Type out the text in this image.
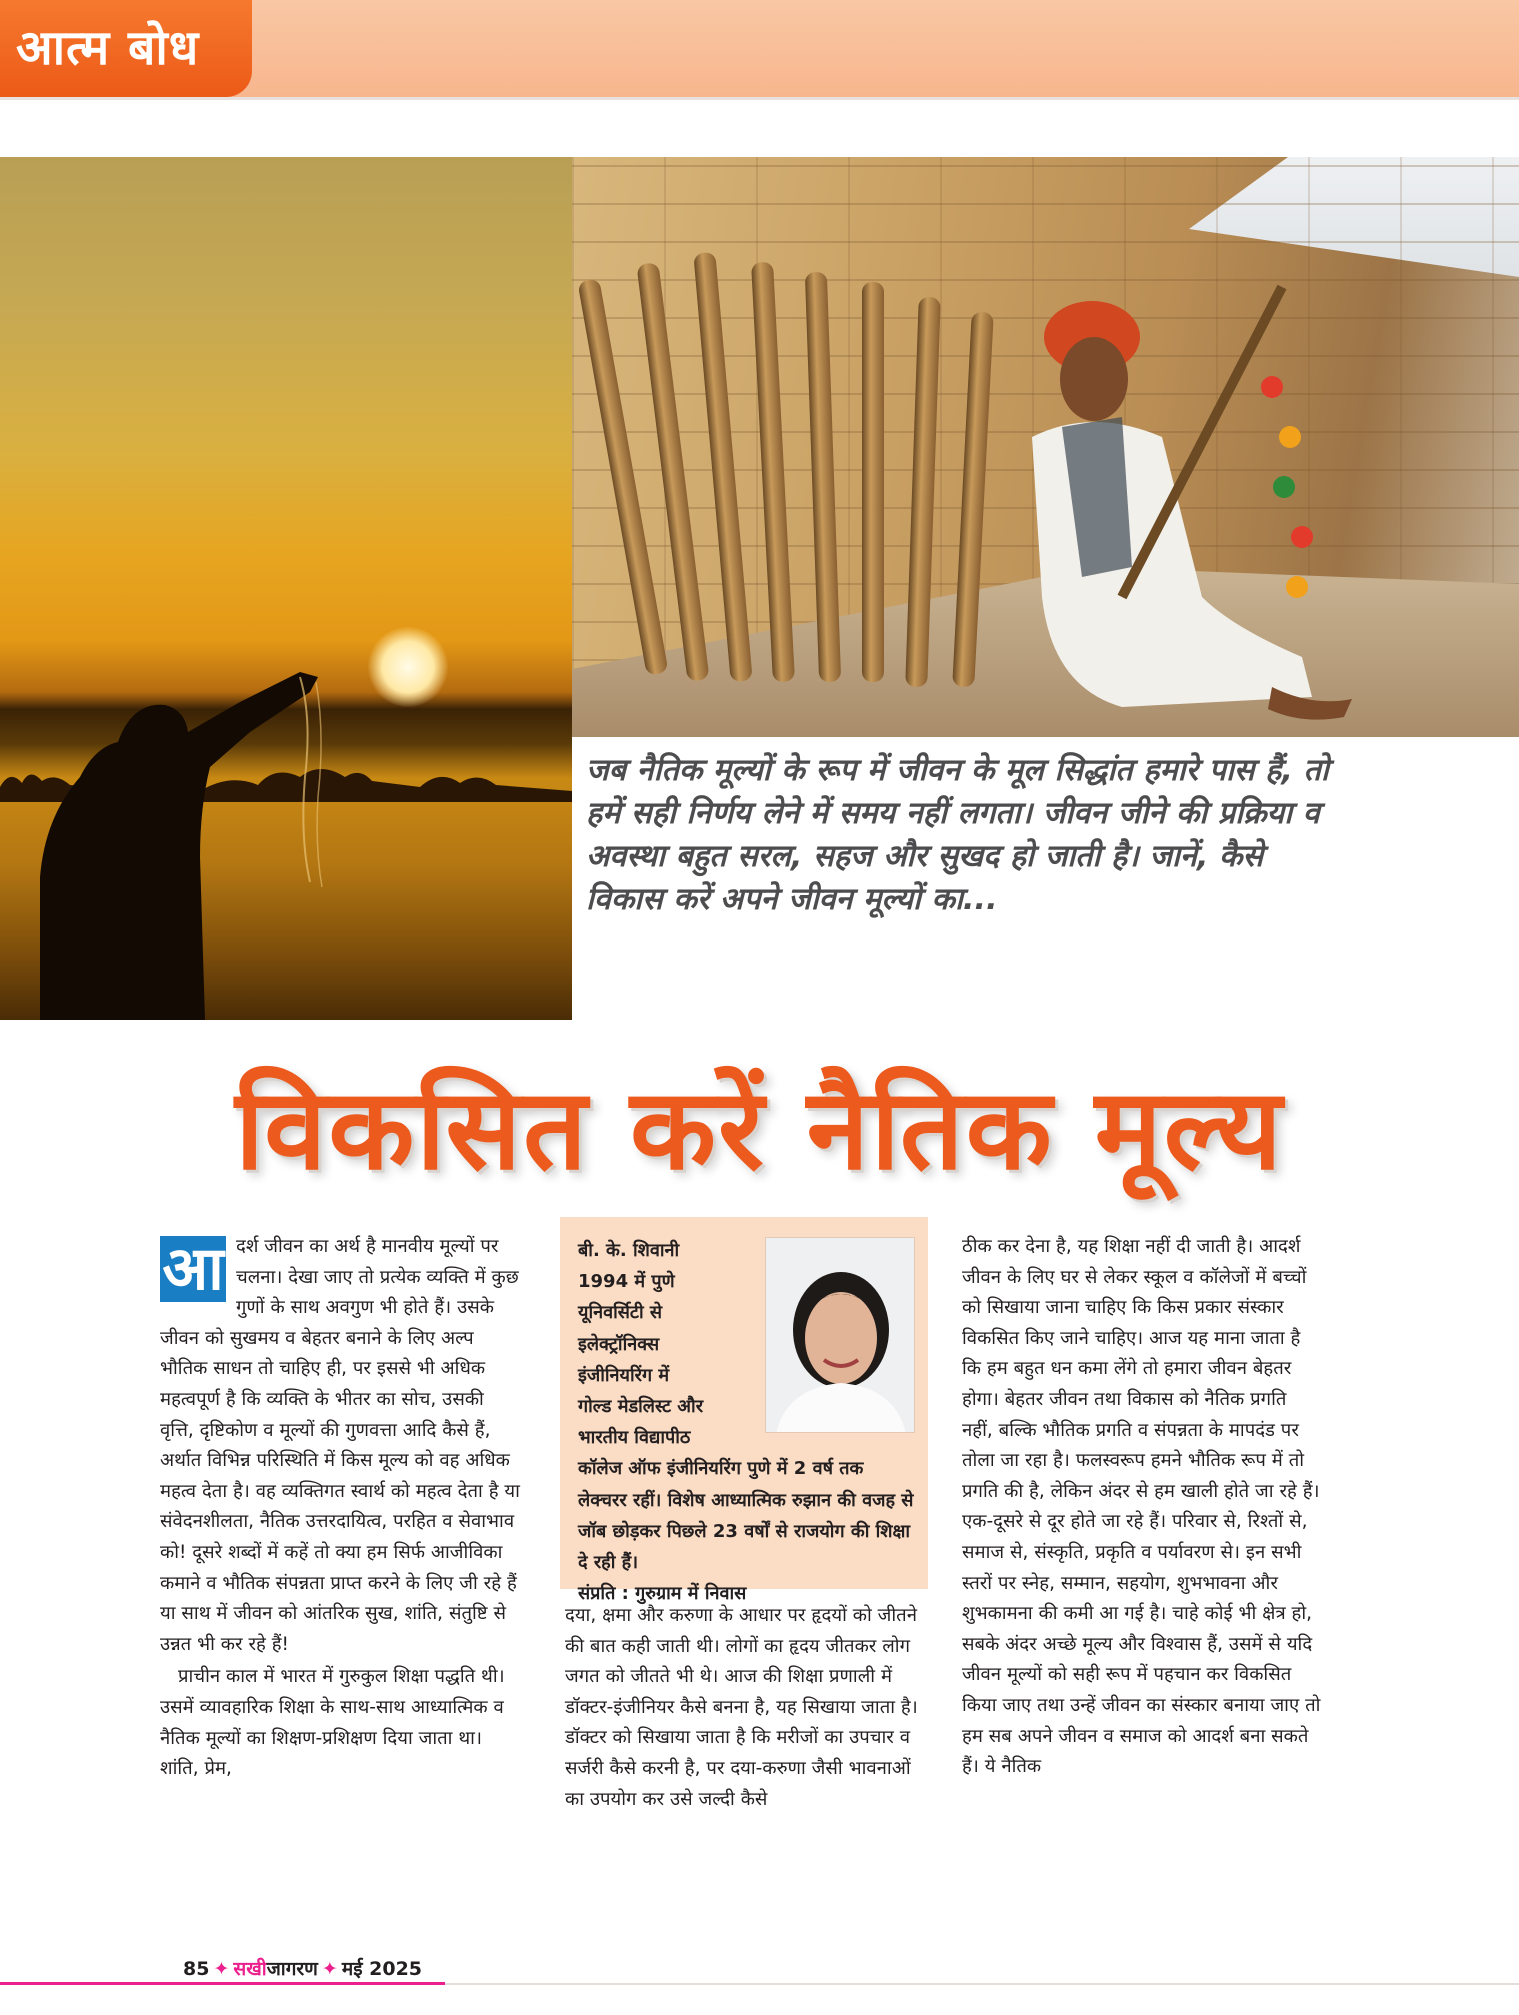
आत्म बोध
जब नैतिक मूल्यों के रूप में जीवन के मूल सिद्धांत हमारे पास हैं, तो हमें सही निर्णय लेने में समय नहीं लगता। जीवन जीने की प्रक्रिया व अवस्था बहुत सरल, सहज और सुखद हो जाती है। जानें, कैसे विकास करें अपने जीवन मूल्यों का...
विकसित करें नैतिक मूल्य

आ दर्श जीवन का अर्थ है मानवीय मूल्यों पर चलना। देखा जाए तो प्रत्येक व्यक्ति में कुछ गुणों के साथ अवगुण भी होते हैं। उसके जीवन को सुखमय व बेहतर बनाने के लिए अल्प भौतिक साधन तो चाहिए ही, पर इससे भी अधिक महत्वपूर्ण है कि व्यक्ति के भीतर का सोच, उसकी वृत्ति, दृष्टिकोण व मूल्यों की गुणवत्ता आदि कैसे हैं, अर्थात विभिन्न परिस्थिति में किस मूल्य को वह अधिक महत्व देता है। वह व्यक्तिगत स्वार्थ को महत्व देता है या संवेदनशीलता, नैतिक उत्तरदायित्व, परहित व सेवाभाव को! दूसरे शब्दों में कहें तो क्या हम सिर्फ आजीविका कमाने व भौतिक संपन्नता प्राप्त करने के लिए जी रहे हैं या साथ में जीवन को आंतरिक सुख, शांति, संतुष्टि से उन्नत भी कर रहे हैं!

प्राचीन काल में भारत में गुरुकुल शिक्षा पद्धति थी। उसमें व्यावहारिक शिक्षा के साथ-साथ आध्यात्मिक व नैतिक मूल्यों का शिक्षण-प्रशिक्षण दिया जाता था। शांति, प्रेम,

बी. के. शिवानी
1994 में पुणे
यूनिवर्सिटी से
इलेक्ट्रॉनिक्स
इंजीनियरिंग में
गोल्ड मेडलिस्ट और
भारतीय विद्यापीठ
कॉलेज ऑफ इंजीनियरिंग पुणे में 2 वर्ष तक लेक्चरर रहीं। विशेष आध्यात्मिक रुझान की वजह से जॉब छोड़कर पिछले 23 वर्षों से राजयोग की शिक्षा दे रही हैं।
संप्रति : गुरुग्राम में निवास

दया, क्षमा और करुणा के आधार पर हृदयों को जीतने की बात कही जाती थी। लोगों का हृदय जीतकर लोग जगत को जीतते भी थे। आज की शिक्षा प्रणाली में डॉक्टर-इंजीनियर कैसे बनना है, यह सिखाया जाता है। डॉक्टर को सिखाया जाता है कि मरीजों का उपचार व सर्जरी कैसे करनी है, पर दया-करुणा जैसी भावनाओं का उपयोग कर उसे जल्दी कैसे

ठीक कर देना है, यह शिक्षा नहीं दी जाती है। आदर्श जीवन के लिए घर से लेकर स्कूल व कॉलेजों में बच्चों को सिखाया जाना चाहिए कि किस प्रकार संस्कार विकसित किए जाने चाहिए। आज यह माना जाता है कि हम बहुत धन कमा लेंगे तो हमारा जीवन बेहतर होगा। बेहतर जीवन तथा विकास को नैतिक प्रगति नहीं, बल्कि भौतिक प्रगति व संपन्नता के मापदंड पर तोला जा रहा है। फलस्वरूप हमने भौतिक रूप में तो प्रगति की है, लेकिन अंदर से हम खाली होते जा रहे हैं। एक-दूसरे से दूर होते जा रहे हैं। परिवार से, रिश्तों से, समाज से, संस्कृति, प्रकृति व पर्यावरण से। इन सभी स्तरों पर स्नेह, सम्मान, सहयोग, शुभभावना और शुभकामना की कमी आ गई है। चाहे कोई भी क्षेत्र हो, सबके अंदर अच्छे मूल्य और विश्वास हैं, उसमें से यदि जीवन मूल्यों को सही रूप में पहचान कर विकसित किया जाए तथा उन्हें जीवन का संस्कार बनाया जाए तो हम सब अपने जीवन व समाज को आदर्श बना सकते हैं। ये नैतिक

85 ✦ सखीजागरण ✦ मई 2025
